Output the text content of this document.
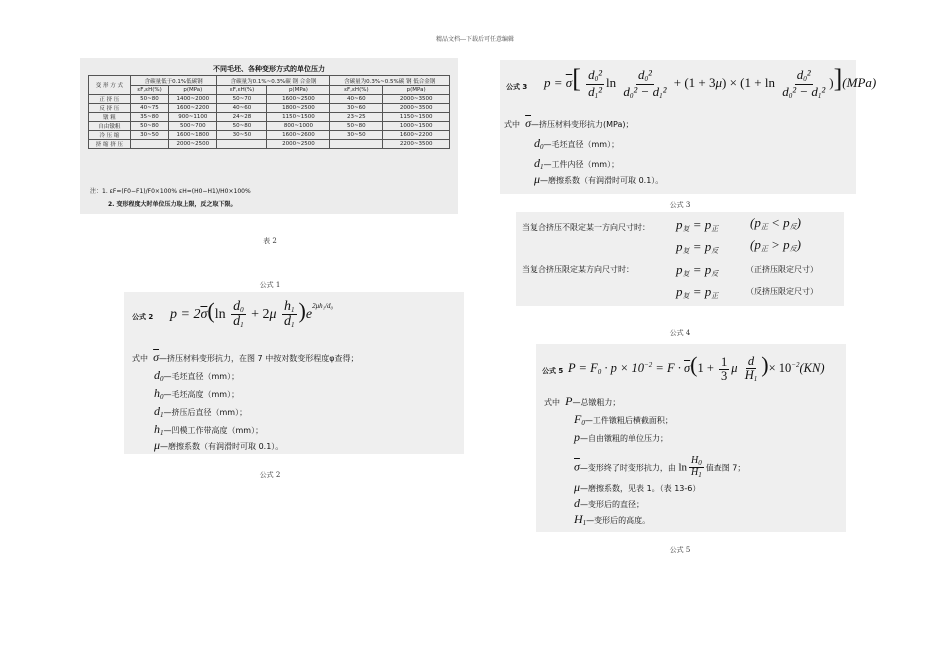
精品文档---下载后可任意编辑
不同毛坯、各种变形方式的单位压力
变 形 方 式	含碳量低于0.1%低碳钢		含碳量为0.1%~0.3%碳 钢 合金钢		含碳量为0.3%~0.5%碳 钢 低合金钢	
	εF,εH(%)	p(MPa)	εF,εH(%)	p(MPa)	εF,εH(%)	p(MPa)
正 挤 压	50~80	1400~2000	50~70	1600~2500	40~60	2000~3500
反 挤 压	40~75	1600~2200	40~60	1800~2500	30~60	2000~3500
镦 粗	35~80	900~1100	24~28	1150~1500	23~25	1150~1500
自由镦粗	50~80	500~700	50~80	800~1000	50~80	1000~1500
冷 压 缩	30~50	1600~1800	30~50	1600~2600	30~50	1600~2200
挤 缩 挤 压		2000~2500		2000~2500		2200~3500
注：1. εF=(F0−F1)/F0×100% εH=(H0−H1)/H0×100%
2. 变形程度大时单位压力取上限，反之取下限。
表 2
公式 1
公式 2 $p = 2\overline{\sigma}(\ln \frac{d_0}{d_1} + 2\mu \frac{h_1}{d_1} )e^{2\mu h_1/d_0}$
式中 $\overline{\sigma}—$挤压材料变形抗力，在图 7 中按对数变形程度φ查得；
$d_0—$毛坯直径（mm）；
$h_0—$毛坯高度（mm）；
$d_1—$挤压后直径（mm）；
$h_1—$凹模工作带高度（mm）；
μ—磨擦系数（有润滑时可取 0.1）。
公式 2
公式 3 $p = \overline{\sigma}[ \frac{d_0^2}{d_1^2}$ $\ln \frac{d_0^2}{d_0^2 - d_1^2} + (1 + 3\mu) \times (1 + \ln \frac{d_0^2}{d_0^2 - d_1^2} )](MPa)$
式中 $\overline{\sigma}—$挤压材料变形抗力(MPa)；
$d_0—$毛坯直径（mm）；
$d_1—$工件内径（mm）；
μ—磨擦系数（有润滑时可取 0.1）。
公式 3
当复合挤压不限定某一方向尺寸时： $p_复 = p_正$ $(p_正 < p_反)$
$p_复 = p_反$ $(p_正 > p_反)$
当复合挤压限定某方向尺寸时：	$p_复 = p_反$	（正挤压限定尺寸）
$p_复 = p_正$	（反挤压限定尺寸）
公式 4
公式 5 $P = F_0 \cdot p \times 10^{-2} = F \cdot \overline{\sigma}(1 + \frac{1}{3}$ μ $\frac{d}{H_1}$ )× $10^{-2}(KN)$
式中 P—总镦粗力；
$F_0—$工件镦粗后横截面积；
p—自由镦粗的单位压力；
$\overline{\sigma}—$变形终了时变形抗力，由 $\ln \frac{H_0}{H_1}$ 值查图 7；
μ—磨擦系数，见表 1。（表 13-6）
d—变形后的直径；
$H_1—$变形后的高度。
公式 5
